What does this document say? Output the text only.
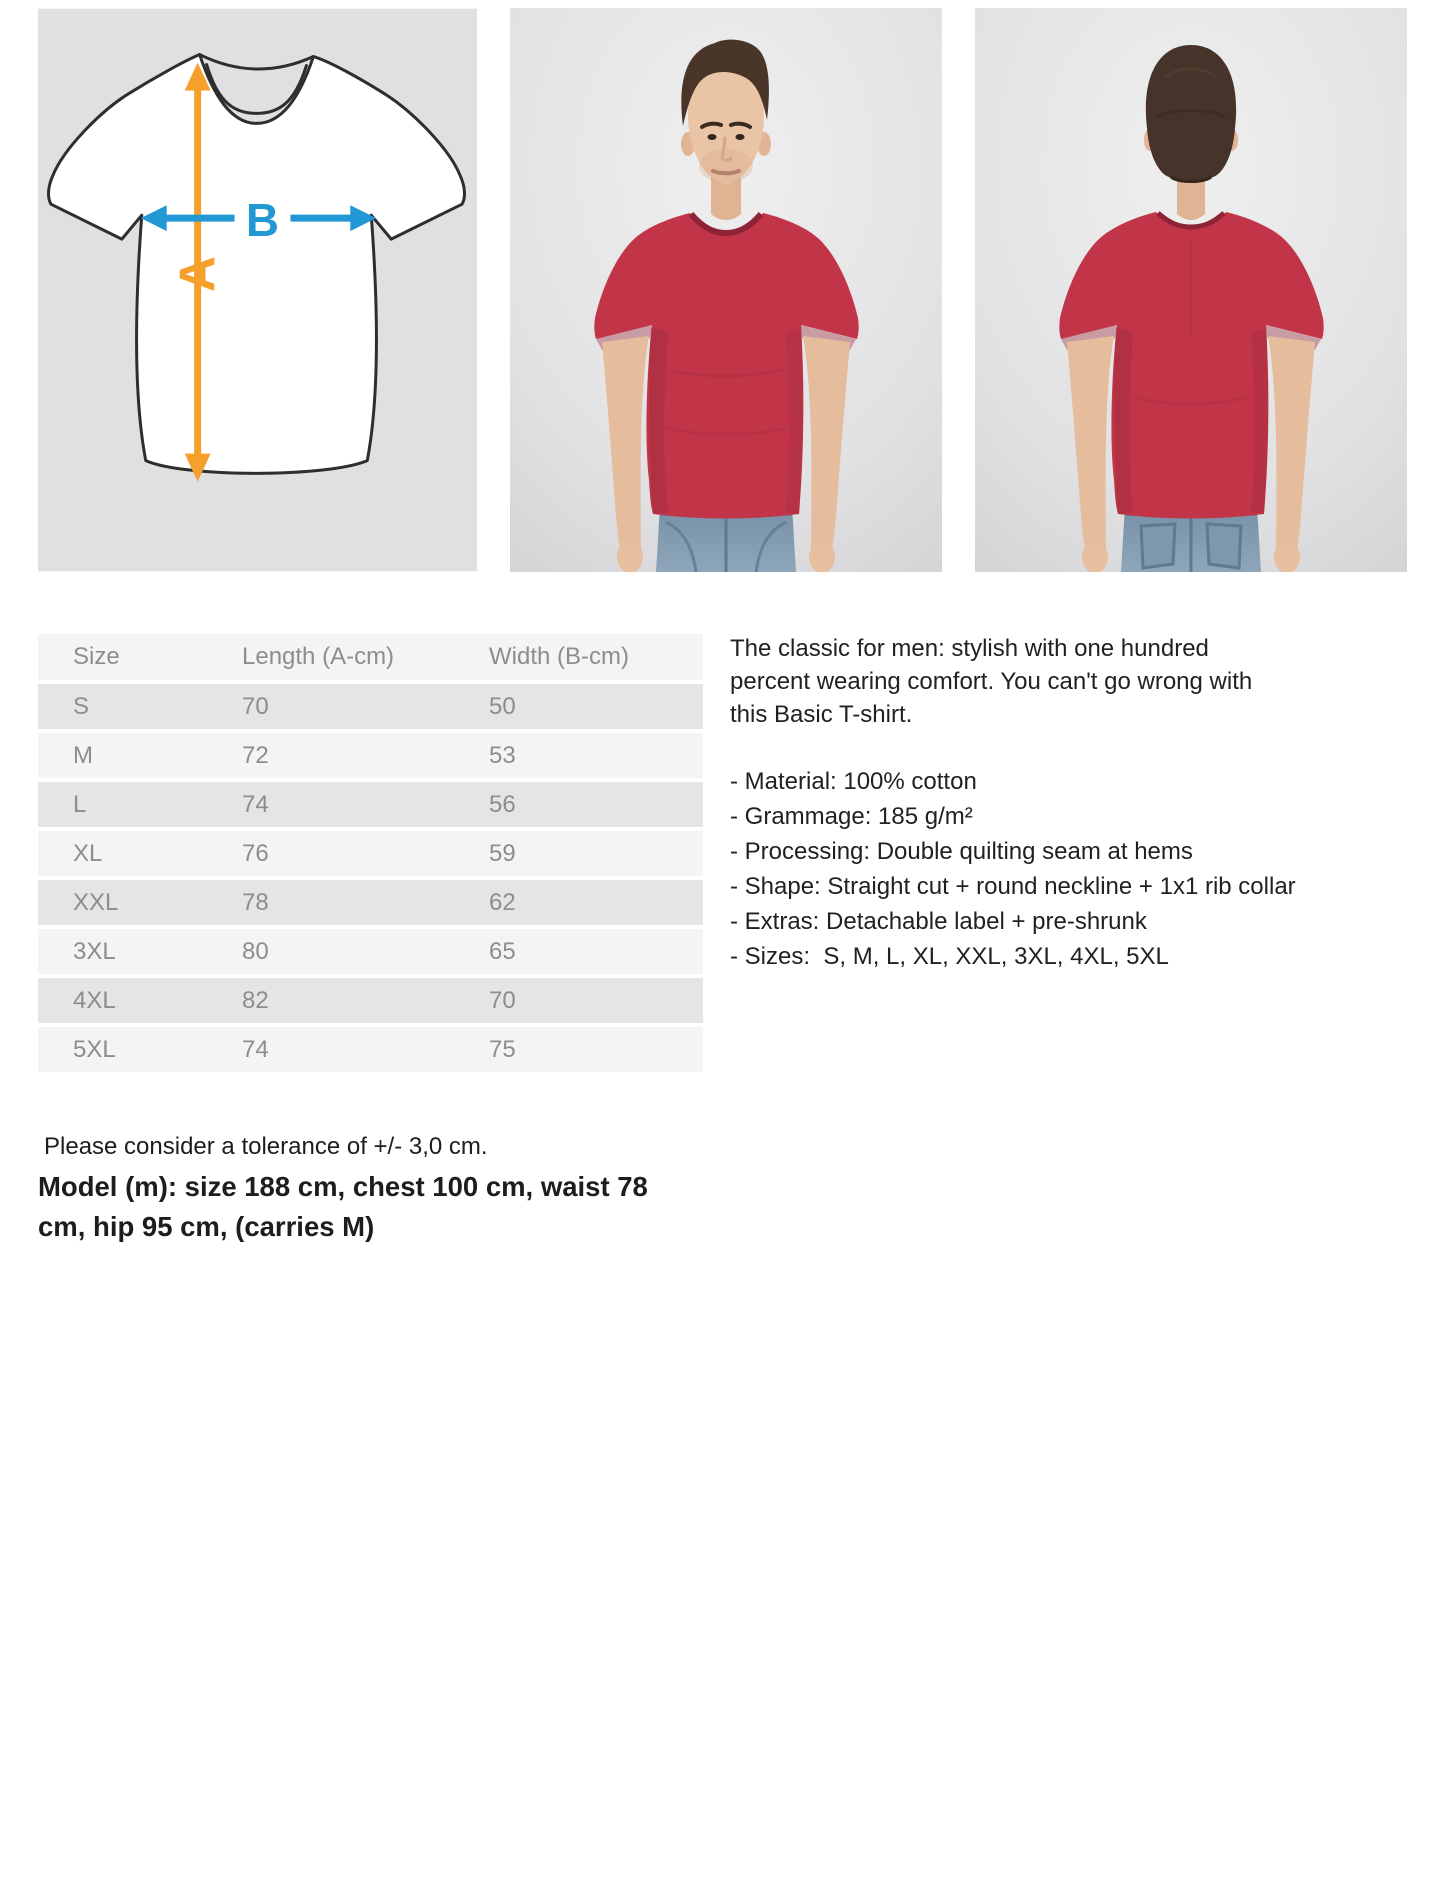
A
B
Size	Length (A-cm)	Width (B-cm)
S	70	50
M	72	53
L	74	56
XL	76	59
XXL	78	62
3XL	80	65
4XL	82	70
5XL	74	75
The classic for men: stylish with one hundred
percent wearing comfort. You can't go wrong with
this Basic T-shirt.
- Material: 100% cotton
- Grammage: 185 g/m²
- Processing: Double quilting seam at hems
- Shape: Straight cut + round neckline + 1x1 rib collar
- Extras: Detachable label + pre-shrunk
- Sizes:  S, M, L, XL, XXL, 3XL, 4XL, 5XL
Please consider a tolerance of +/- 3,0 cm.
Model (m): size 188 cm, chest 100 cm, waist 78
cm, hip 95 cm, (carries M)
